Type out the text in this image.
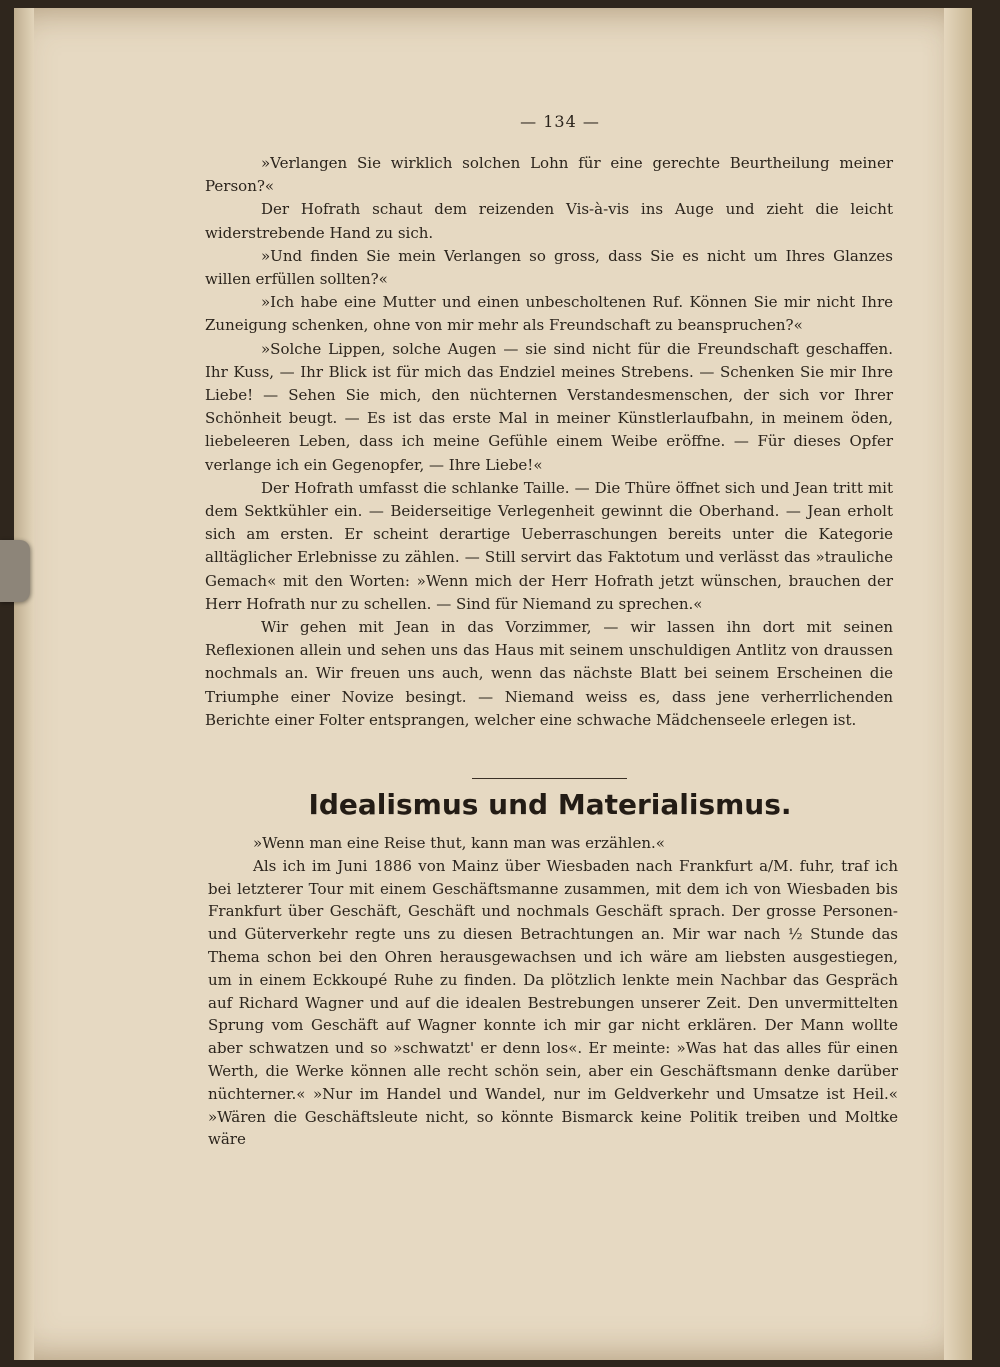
— 134 —

»Verlangen Sie wirklich solchen Lohn für eine gerechte Beurtheilung meiner Person?«

Der Hofrath schaut dem reizenden Vis-à-vis ins Auge und zieht die leicht widerstrebende Hand zu sich.

»Und finden Sie mein Verlangen so gross, dass Sie es nicht um Ihres Glanzes willen erfüllen sollten?«

»Ich habe eine Mutter und einen unbescholtenen Ruf. Können Sie mir nicht Ihre Zuneigung schenken, ohne von mir mehr als Freundschaft zu beanspruchen?«

»Solche Lippen, solche Augen — sie sind nicht für die Freundschaft geschaffen. Ihr Kuss, — Ihr Blick ist für mich das Endziel meines Strebens. — Schenken Sie mir Ihre Liebe! — Sehen Sie mich, den nüchternen Verstandesmenschen, der sich vor Ihrer Schönheit beugt. — Es ist das erste Mal in meiner Künstlerlaufbahn, in meinem öden, liebeleeren Leben, dass ich meine Gefühle einem Weibe eröffne. — Für dieses Opfer verlange ich ein Gegenopfer, — Ihre Liebe!«

Der Hofrath umfasst die schlanke Taille. — Die Thüre öffnet sich und Jean tritt mit dem Sektkühler ein. — Beiderseitige Verlegenheit gewinnt die Oberhand. — Jean erholt sich am ersten. Er scheint derartige Ueberraschungen bereits unter die Kategorie alltäglicher Erlebnisse zu zählen. — Still servirt das Faktotum und verlässt das »trauliche Gemach« mit den Worten: »Wenn mich der Herr Hofrath jetzt wünschen, brauchen der Herr Hofrath nur zu schellen. — Sind für Niemand zu sprechen.«

Wir gehen mit Jean in das Vorzimmer, — wir lassen ihn dort mit seinen Reflexionen allein und sehen uns das Haus mit seinem unschuldigen Antlitz von draussen nochmals an. Wir freuen uns auch, wenn das nächste Blatt bei seinem Erscheinen die Triumphe einer Novize besingt. — Niemand weiss es, dass jene verherrlichenden Berichte einer Folter entsprangen, welcher eine schwache Mädchenseele erlegen ist.

Idealismus und Materialismus.

»Wenn man eine Reise thut, kann man was erzählen.«

Als ich im Juni 1886 von Mainz über Wiesbaden nach Frankfurt a/M. fuhr, traf ich bei letzterer Tour mit einem Geschäftsmanne zusammen, mit dem ich von Wiesbaden bis Frankfurt über Geschäft, Geschäft und nochmals Geschäft sprach. Der grosse Personen- und Güterverkehr regte uns zu diesen Betrachtungen an. Mir war nach ½ Stunde das Thema schon bei den Ohren herausgewachsen und ich wäre am liebsten ausgestiegen, um in einem Eckkoupé Ruhe zu finden. Da plötzlich lenkte mein Nachbar das Gespräch auf Richard Wagner und auf die idealen Bestrebungen unserer Zeit. Den unvermittelten Sprung vom Geschäft auf Wagner konnte ich mir gar nicht erklären. Der Mann wollte aber schwatzen und so »schwatzt' er denn los«. Er meinte: »Was hat das alles für einen Werth, die Werke können alle recht schön sein, aber ein Geschäftsmann denke darüber nüchterner.« »Nur im Handel und Wandel, nur im Geldverkehr und Umsatze ist Heil.« »Wären die Geschäftsleute nicht, so könnte Bismarck keine Politik treiben und Moltke wäre
